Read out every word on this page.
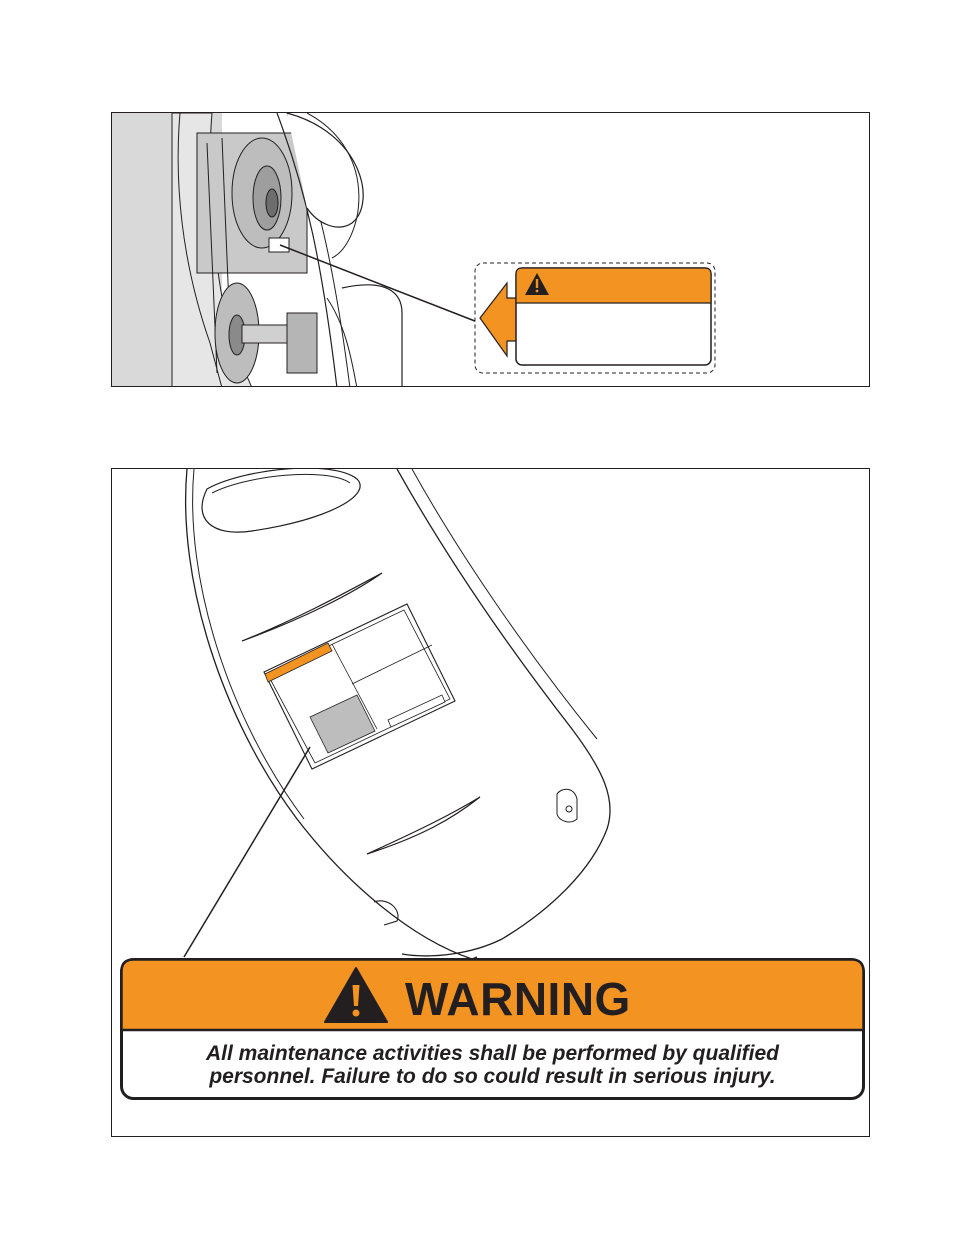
WARNING
All maintenance activities shall be performed by qualified
personnel. Failure to do so could result in serious injury.
